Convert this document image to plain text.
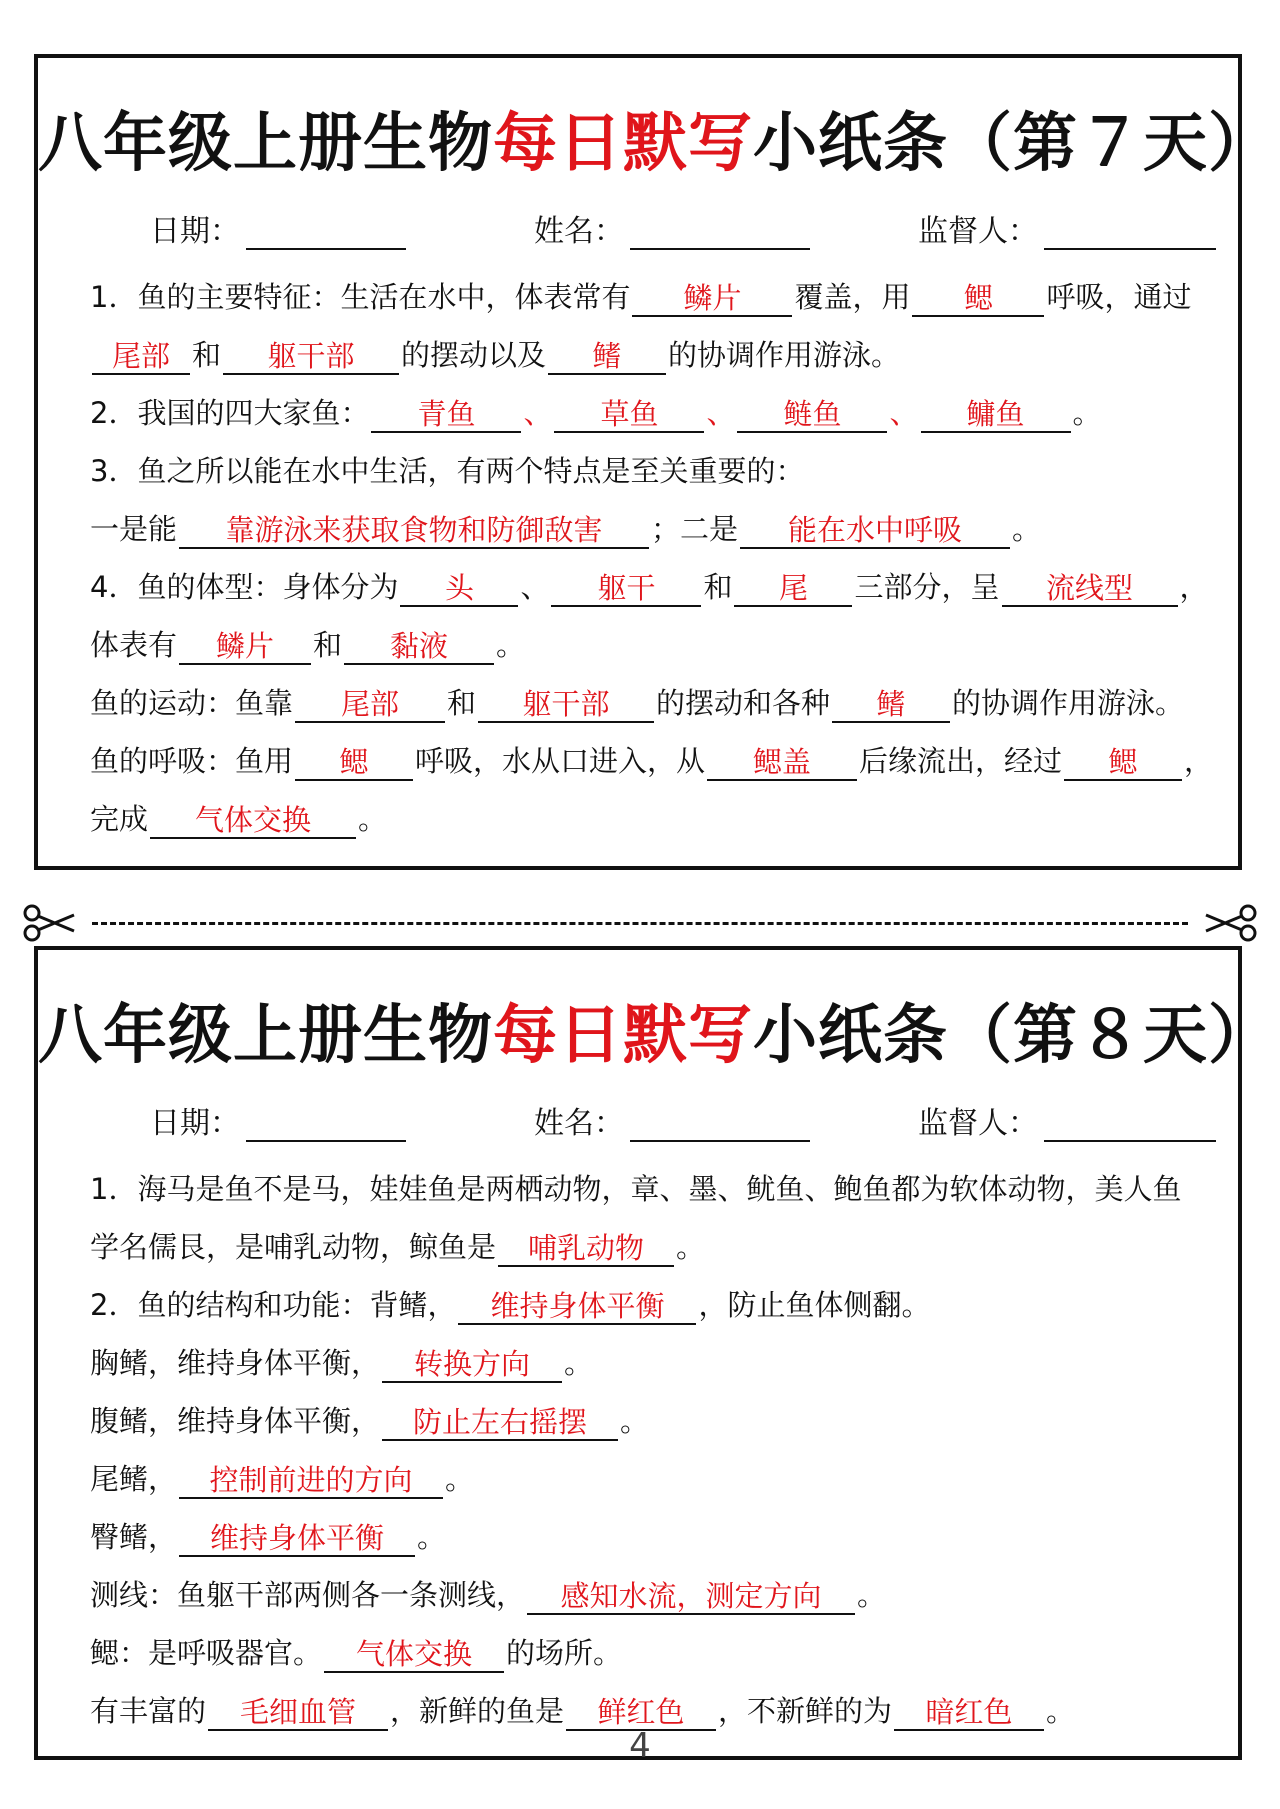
八年级上册生物每日默写小纸条（第７天）
日期：	姓名：	监督人：
1．鱼的主要特征：生活在水中，体表常有 鳞片 覆盖，用 鳃 呼吸，通过
尾部 和 躯干部 的摆动以及 鳍 的协调作用游泳。
2．我国的四大家鱼： 青鱼 、 草鱼 、 鲢鱼 、 鳙鱼 。
3．鱼之所以能在水中生活，有两个特点是至关重要的：
一是能 靠游泳来获取食物和防御敌害 ；二是 能在水中呼吸 。
4．鱼的体型：身体分为 头 、 躯干 和 尾 三部分，呈 流线型 ，
体表有 鳞片 和 黏液 。
鱼的运动：鱼靠 尾部 和 躯干部 的摆动和各种 鳍 的协调作用游泳。
鱼的呼吸：鱼用 鳃 呼吸，水从口进入，从 鳃盖 后缘流出，经过 鳃 ，
完成 气体交换 。
八年级上册生物每日默写小纸条（第８天）
日期：	姓名：	监督人：
1．海马是鱼不是马，娃娃鱼是两栖动物，章、墨、鱿鱼、鲍鱼都为软体动物，美人鱼
学名儒艮，是哺乳动物，鲸鱼是 哺乳动物 。
2．鱼的结构和功能：背鳍， 维持身体平衡 ，防止鱼体侧翻。
胸鳍，维持身体平衡， 转换方向 。
腹鳍，维持身体平衡， 防止左右摇摆 。
尾鳍， 控制前进的方向 。
臀鳍， 维持身体平衡 。
测线：鱼躯干部两侧各一条测线， 感知水流，测定方向 。
鳃：是呼吸器官。 气体交换 的场所。
有丰富的 毛细血管 ，新鲜的鱼是 鲜红色 ，不新鲜的为 暗红色 。
4
